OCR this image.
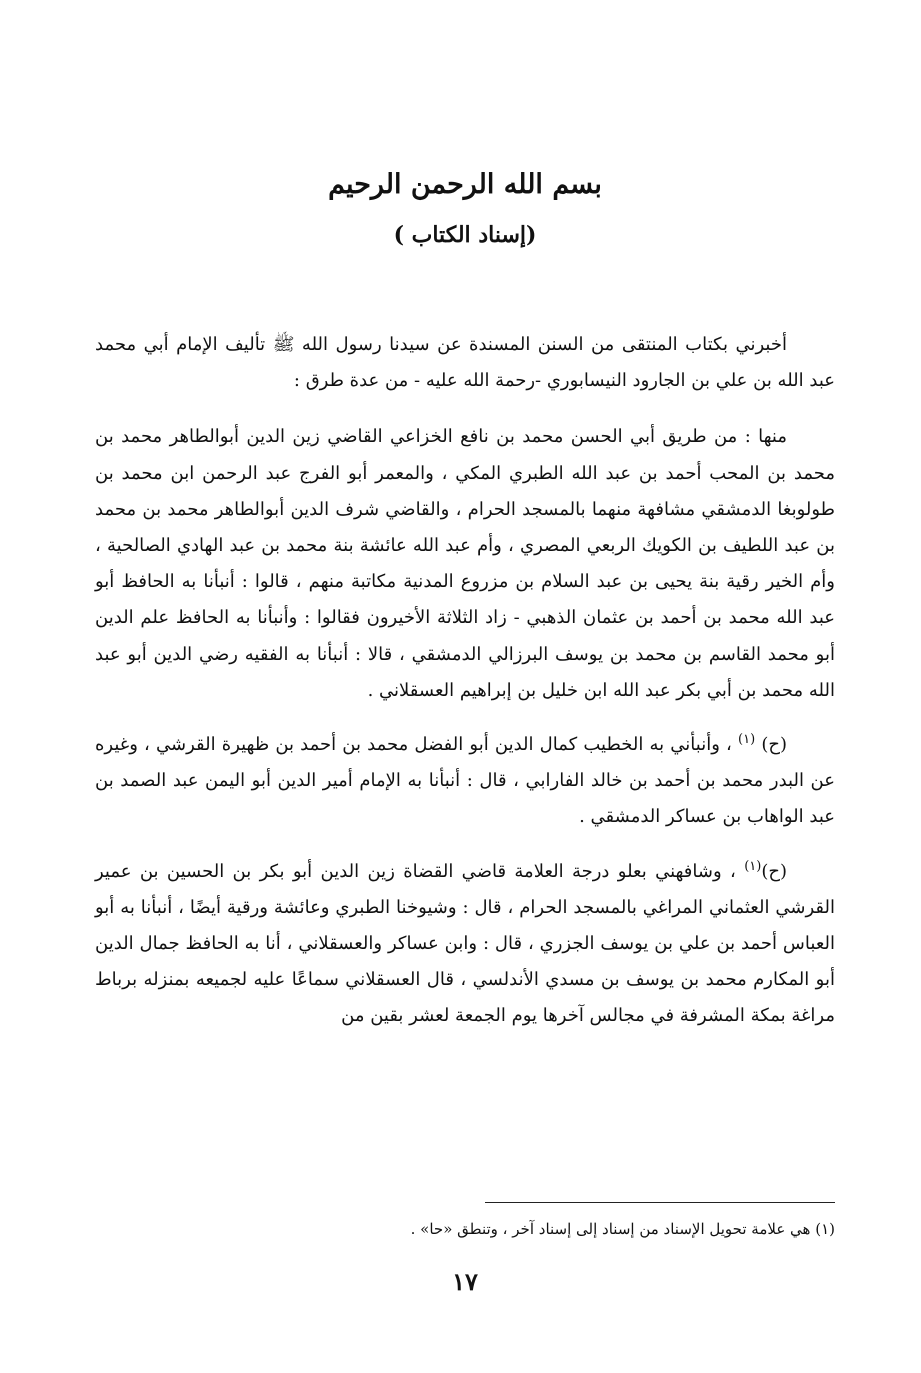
بسم الله الرحمن الرحيم
(إسناد الكتاب )

أخبرني بكتاب المنتقى من السنن المسندة عن سيدنا رسول الله ﷺ تأليف الإمام أبي محمد عبد الله بن علي بن الجارود النيسابوري -رحمة الله عليه - من عدة طرق :

منها : من طريق أبي الحسن محمد بن نافع الخزاعي القاضي زين الدين أبوالطاهر محمد بن محمد بن المحب أحمد بن عبد الله الطبري المكي ، والمعمر أبو الفرج عبد الرحمن ابن محمد بن طولوبغا الدمشقي مشافهة منهما بالمسجد الحرام ، والقاضي شرف الدين أبوالطاهر محمد بن محمد بن عبد اللطيف بن الكويك الربعي المصري ، وأم عبد الله عائشة بنة محمد بن عبد الهادي الصالحية ، وأم الخير رقية بنة يحيى بن عبد السلام بن مزروع المدنية مكاتبة منهم ، قالوا : أنبأنا به الحافظ أبو عبد الله محمد بن أحمد بن عثمان الذهبي - زاد الثلاثة الأخيرون فقالوا : وأنبأنا به الحافظ علم الدين أبو محمد القاسم بن محمد بن يوسف البرزالي الدمشقي ، قالا : أنبأنا به الفقيه رضي الدين أبو عبد الله محمد بن أبي بكر عبد الله ابن خليل بن إبراهيم العسقلاني .

(ح) $^{(١)}$ ، وأنبأني به الخطيب كمال الدين أبو الفضل محمد بن أحمد بن ظهيرة القرشي ، وغيره عن البدر محمد بن أحمد بن خالد الفارابي ، قال : أنبأنا به الإمام أمير الدين أبو اليمن عبد الصمد بن عبد الواهاب بن عساكر الدمشقي .

(ح)$^{(١)}$ ، وشافهني بعلو درجة العلامة قاضي القضاة زين الدين أبو بكر بن الحسين بن عمير القرشي العثماني المراغي بالمسجد الحرام ، قال : وشيوخنا الطبري وعائشة ورقية أيضًا ، أنبأنا به أبو العباس أحمد بن علي بن يوسف الجزري ، قال : وابن عساكر والعسقلاني ، أنا به الحافظ جمال الدين أبو المكارم محمد بن يوسف بن مسدي الأندلسي ، قال العسقلاني سماعًا عليه لجميعه بمنزله برباط مراغة بمكة المشرفة في مجالس آخرها يوم الجمعة لعشر بقين من

(١) هي علامة تحويل الإسناد من إسناد إلى إسناد آخر ، وتنطق «حا» .

١٧
